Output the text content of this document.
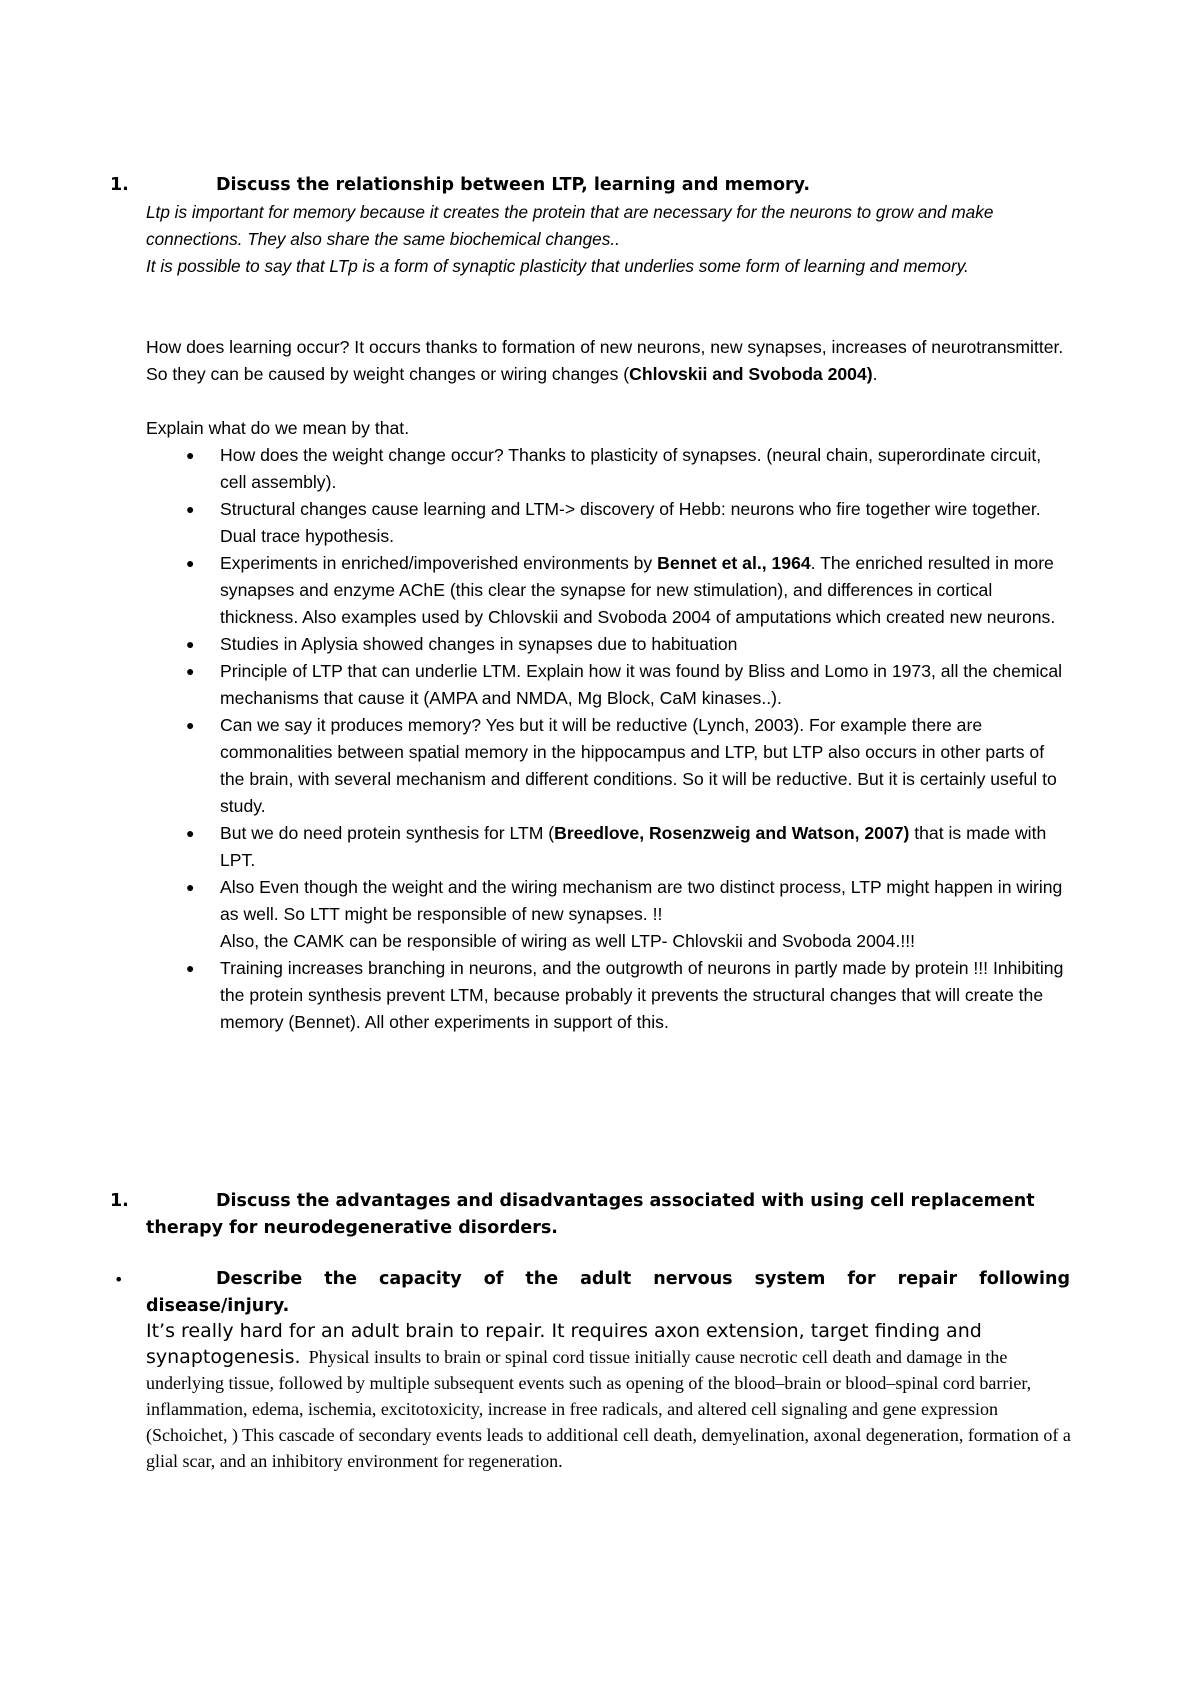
1.	Discuss the relationship between LTP, learning and memory.

Ltp is important for memory because it creates the protein that are necessary for the neurons to grow and make connections. They also share the same biochemical changes..

It is possible to say that LTp is a form of synaptic plasticity that underlies some form of learning and memory.

How does learning occur? It occurs thanks to formation of new neurons, new synapses, increases of neurotransmitter. So they can be caused by weight changes or wiring changes (Chlovskii and Svoboda 2004).

Explain what do we mean by that.

● How does the weight change occur? Thanks to plasticity of synapses. (neural chain, superordinate circuit, cell assembly).
● Structural changes cause learning and LTM-> discovery of Hebb: neurons who fire together wire together. Dual trace hypothesis.
● Experiments in enriched/impoverished environments by Bennet et al., 1964. The enriched resulted in more synapses and enzyme AChE (this clear the synapse for new stimulation), and differences in cortical thickness. Also examples used by Chlovskii and Svoboda 2004 of amputations which created new neurons.
● Studies in Aplysia showed changes in synapses due to habituation
● Principle of LTP that can underlie LTM. Explain how it was found by Bliss and Lomo in 1973, all the chemical mechanisms that cause it (AMPA and NMDA, Mg Block, CaM kinases..).
● Can we say it produces memory? Yes but it will be reductive (Lynch, 2003). For example there are commonalities between spatial memory in the hippocampus and LTP, but LTP also occurs in other parts of the brain, with several mechanism and different conditions. So it will be reductive. But it is certainly useful to study.
● But we do need protein synthesis for LTM (Breedlove, Rosenzweig and Watson, 2007) that is made with LPT.
● Also Even though the weight and the wiring mechanism are two distinct process, LTP might happen in wiring as well. So LTT might be responsible of new synapses. !!
Also, the CAMK can be responsible of wiring as well LTP- Chlovskii and Svoboda 2004.!!!
● Training increases branching in neurons, and the outgrowth of neurons in partly made by protein !!! Inhibiting the protein synthesis prevent LTM, because probably it prevents the structural changes that will create the memory (Bennet). All other experiments in support of this.
1.	Discuss the advantages and disadvantages associated with using cell replacement therapy for neurodegenerative disorders.
•	Describe the capacity of the adult nervous system for repair following disease/injury.

It’s really hard for an adult brain to repair. It requires axon extension, target finding and synaptogenesis. Physical insults to brain or spinal cord tissue initially cause necrotic cell death and damage in the underlying tissue, followed by multiple subsequent events such as opening of the blood–brain or blood–spinal cord barrier, inflammation, edema, ischemia, excitotoxicity, increase in free radicals, and altered cell signaling and gene expression (Schoichet, ) This cascade of secondary events leads to additional cell death, demyelination, axonal degeneration, formation of a glial scar, and an inhibitory environment for regeneration.
